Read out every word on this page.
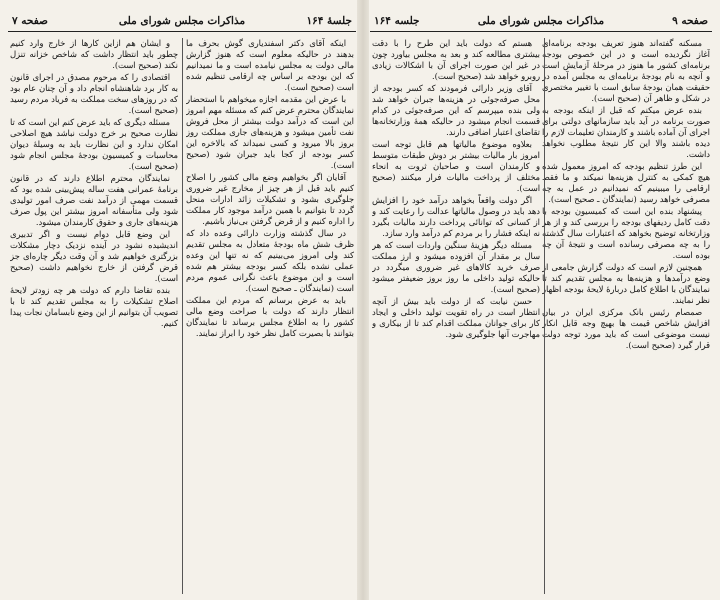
جلسهٔ ۱۶۴
مذاکرات مجلس شورای ملی
صفحه ۷

اینکه آقای دکتر اسفندیاری گوش بحرف ما بدهند در حالیکه معلوم است که هنوز گزارش مالی دولت به مجلس نیامده است و ما نمیدانیم که این بودجه بر اساس چه ارقامی تنظیم شده است (صحیح است).

با عرض این مقدمه اجازه میخواهم با استحضار نمایندگان محترم عرض کنم که مسئله مهم امروز این است که درآمد دولت بیشتر از محل فروش نفت تأمین میشود و هزینه‌های جاری مملکت روز بروز بالا میرود و کسی نمیداند که بالاخره این کسر بودجه از کجا باید جبران شود (صحیح است).

آقایان اگر بخواهیم وضع مالی کشور را اصلاح کنیم باید قبل از هر چیز از مخارج غیر ضروری جلوگیری بشود و تشکیلات زائد ادارات منحل گردد تا بتوانیم با همین درآمد موجود کار مملکت را اداره کنیم و از قرض گرفتن بی‌نیاز باشیم.

در سال گذشته وزارت دارائی وعده داد که ظرف شش ماه بودجهٔ متعادل به مجلس تقدیم کند ولی امروز می‌بینیم که نه تنها این وعده عملی نشده بلکه کسر بودجه بیشتر هم شده است و این موضوع باعث نگرانی عموم مردم است (نمایندگان ـ صحیح است).

باید به عرض برسانم که مردم این مملکت انتظار دارند که دولت با صراحت وضع مالی کشور را به اطلاع مجلس برساند تا نمایندگان بتوانند با بصیرت کامل نظر خود را ابراز نمایند.

و ایشان هم ازاین کارها از خارج وارد کنیم چطور باید انتظار داشت که شاخص خزانه تنزل نکند (صحیح است).

اقتصادی را که مرحوم مصدق در اجرای قانون به کار برد شاهنشاه انجام داد و آن چنان عام بود که در روزهای سخت مملکت به فریاد مردم رسید (صحیح است).

مسئله دیگری که باید عرض کنم این است که تا نظارت صحیح بر خرج دولت نباشد هیچ اصلاحی امکان ندارد و این نظارت باید به وسیلهٔ دیوان محاسبات و کمیسیون بودجهٔ مجلس انجام شود (صحیح است).

نمایندگان محترم اطلاع دارند که در قانون برنامهٔ عمرانی هفت ساله پیش‌بینی شده بود که قسمت مهمی از درآمد نفت صرف امور تولیدی شود ولی متأسفانه امروز بیشتر این پول صرف هزینه‌های جاری و حقوق کارمندان میشود.

این وضع قابل دوام نیست و اگر تدبیری اندیشیده نشود در آینده نزدیک دچار مشکلات بزرگتری خواهیم شد و آن وقت دیگر چاره‌ای جز قرض گرفتن از خارج نخواهیم داشت (صحیح است).

بنده تقاضا دارم که دولت هر چه زودتر لایحهٔ اصلاح تشکیلات را به مجلس تقدیم کند تا با تصویب آن بتوانیم از این وضع نابسامان نجات پیدا کنیم.

صفحه ۹
مذاکرات مجلس شورای ملی
جلسه ۱۶۴

مسکنه گفته‌اند هنوز تعریف بودجه برنامه‌ای آغاز نگردیده است و در این خصوص بودجه برنامه‌ای کشور ما هنوز در مرحلهٔ آزمایش است و آنچه به نام بودجهٔ برنامه‌ای به مجلس آمده در حقیقت همان بودجهٔ سابق است با تغییر مختصری در شکل و ظاهر آن (صحیح است).

بنده عرض میکنم که قبل از اینکه بودجه به صورت برنامه در آید باید سازمانهای دولتی برای اجرای آن آماده باشند و کارمندان تعلیمات لازم را دیده باشند والا این کار نتیجهٔ مطلوب نخواهد داشت.

این طرز تنظیم بودجه که امروز معمول شده هیچ کمکی به کنترل هزینه‌ها نمیکند و ما فقط ارقامی را میبینیم که نمیدانیم در عمل به چه مصرفی خواهد رسید (نمایندگان ـ صحیح است).

پیشنهاد بنده این است که کمیسیون بودجه با دقت کامل ردیفهای بودجه را بررسی کند و از هر وزارتخانه توضیح بخواهد که اعتبارات سال گذشته را به چه مصرفی رسانده است و نتیجهٔ آن چه بوده است.

همچنین لازم است که دولت گزارش جامعی از وضع درآمدها و هزینه‌ها به مجلس تقدیم کند تا نمایندگان با اطلاع کامل دربارهٔ لایحهٔ بودجه اظهار نظر نمایند.

صمصام رئیس بانک مرکزی ایران در بیان افزایش شاخص قیمت ها بهیچ وجه قابل انکار نیست موضوعی است که باید مورد توجه دولت قرار گیرد (صحیح است).

هستم که دولت باید این طرح را با دقت بیشتری مطالعه کند و بعد به مجلس بیاورد چون در غیر این صورت اجرای آن با اشکالات زیادی روبرو خواهد شد (صحیح است).

آقای وزیر دارائی فرمودند که کسر بودجه از محل صرفه‌جوئی در هزینه‌ها جبران خواهد شد ولی بنده میپرسم که این صرفه‌جوئی در کدام قسمت انجام میشود در حالیکه همهٔ وزارتخانه‌ها تقاضای اعتبار اضافی دارند.

بعلاوه موضوع مالیاتها هم قابل توجه است امروز بار مالیات بیشتر بر دوش طبقات متوسط و کارمندان است و صاحبان ثروت به انحاء مختلف از پرداخت مالیات فرار میکنند (صحیح است).

اگر دولت واقعاً بخواهد درآمد خود را افزایش دهد باید در وصول مالیاتها عدالت را رعایت کند و از کسانی که توانائی پرداخت دارند مالیات بگیرد نه اینکه فشار را بر مردم کم درآمد وارد سازد.

مسئله دیگر هزینهٔ سنگین واردات است که هر سال بر مقدار آن افزوده میشود و ارز مملکت صرف خرید کالاهای غیر ضروری میگردد در حالیکه تولید داخلی ما روز بروز ضعیفتر میشود (صحیح است).

حسن نیابت که از دولت باید بیش از آنچه انتظار است در راه تقویت تولید داخلی و ایجاد کار برای جوانان مملکت اقدام کند تا از بیکاری و مهاجرت آنها جلوگیری شود.
